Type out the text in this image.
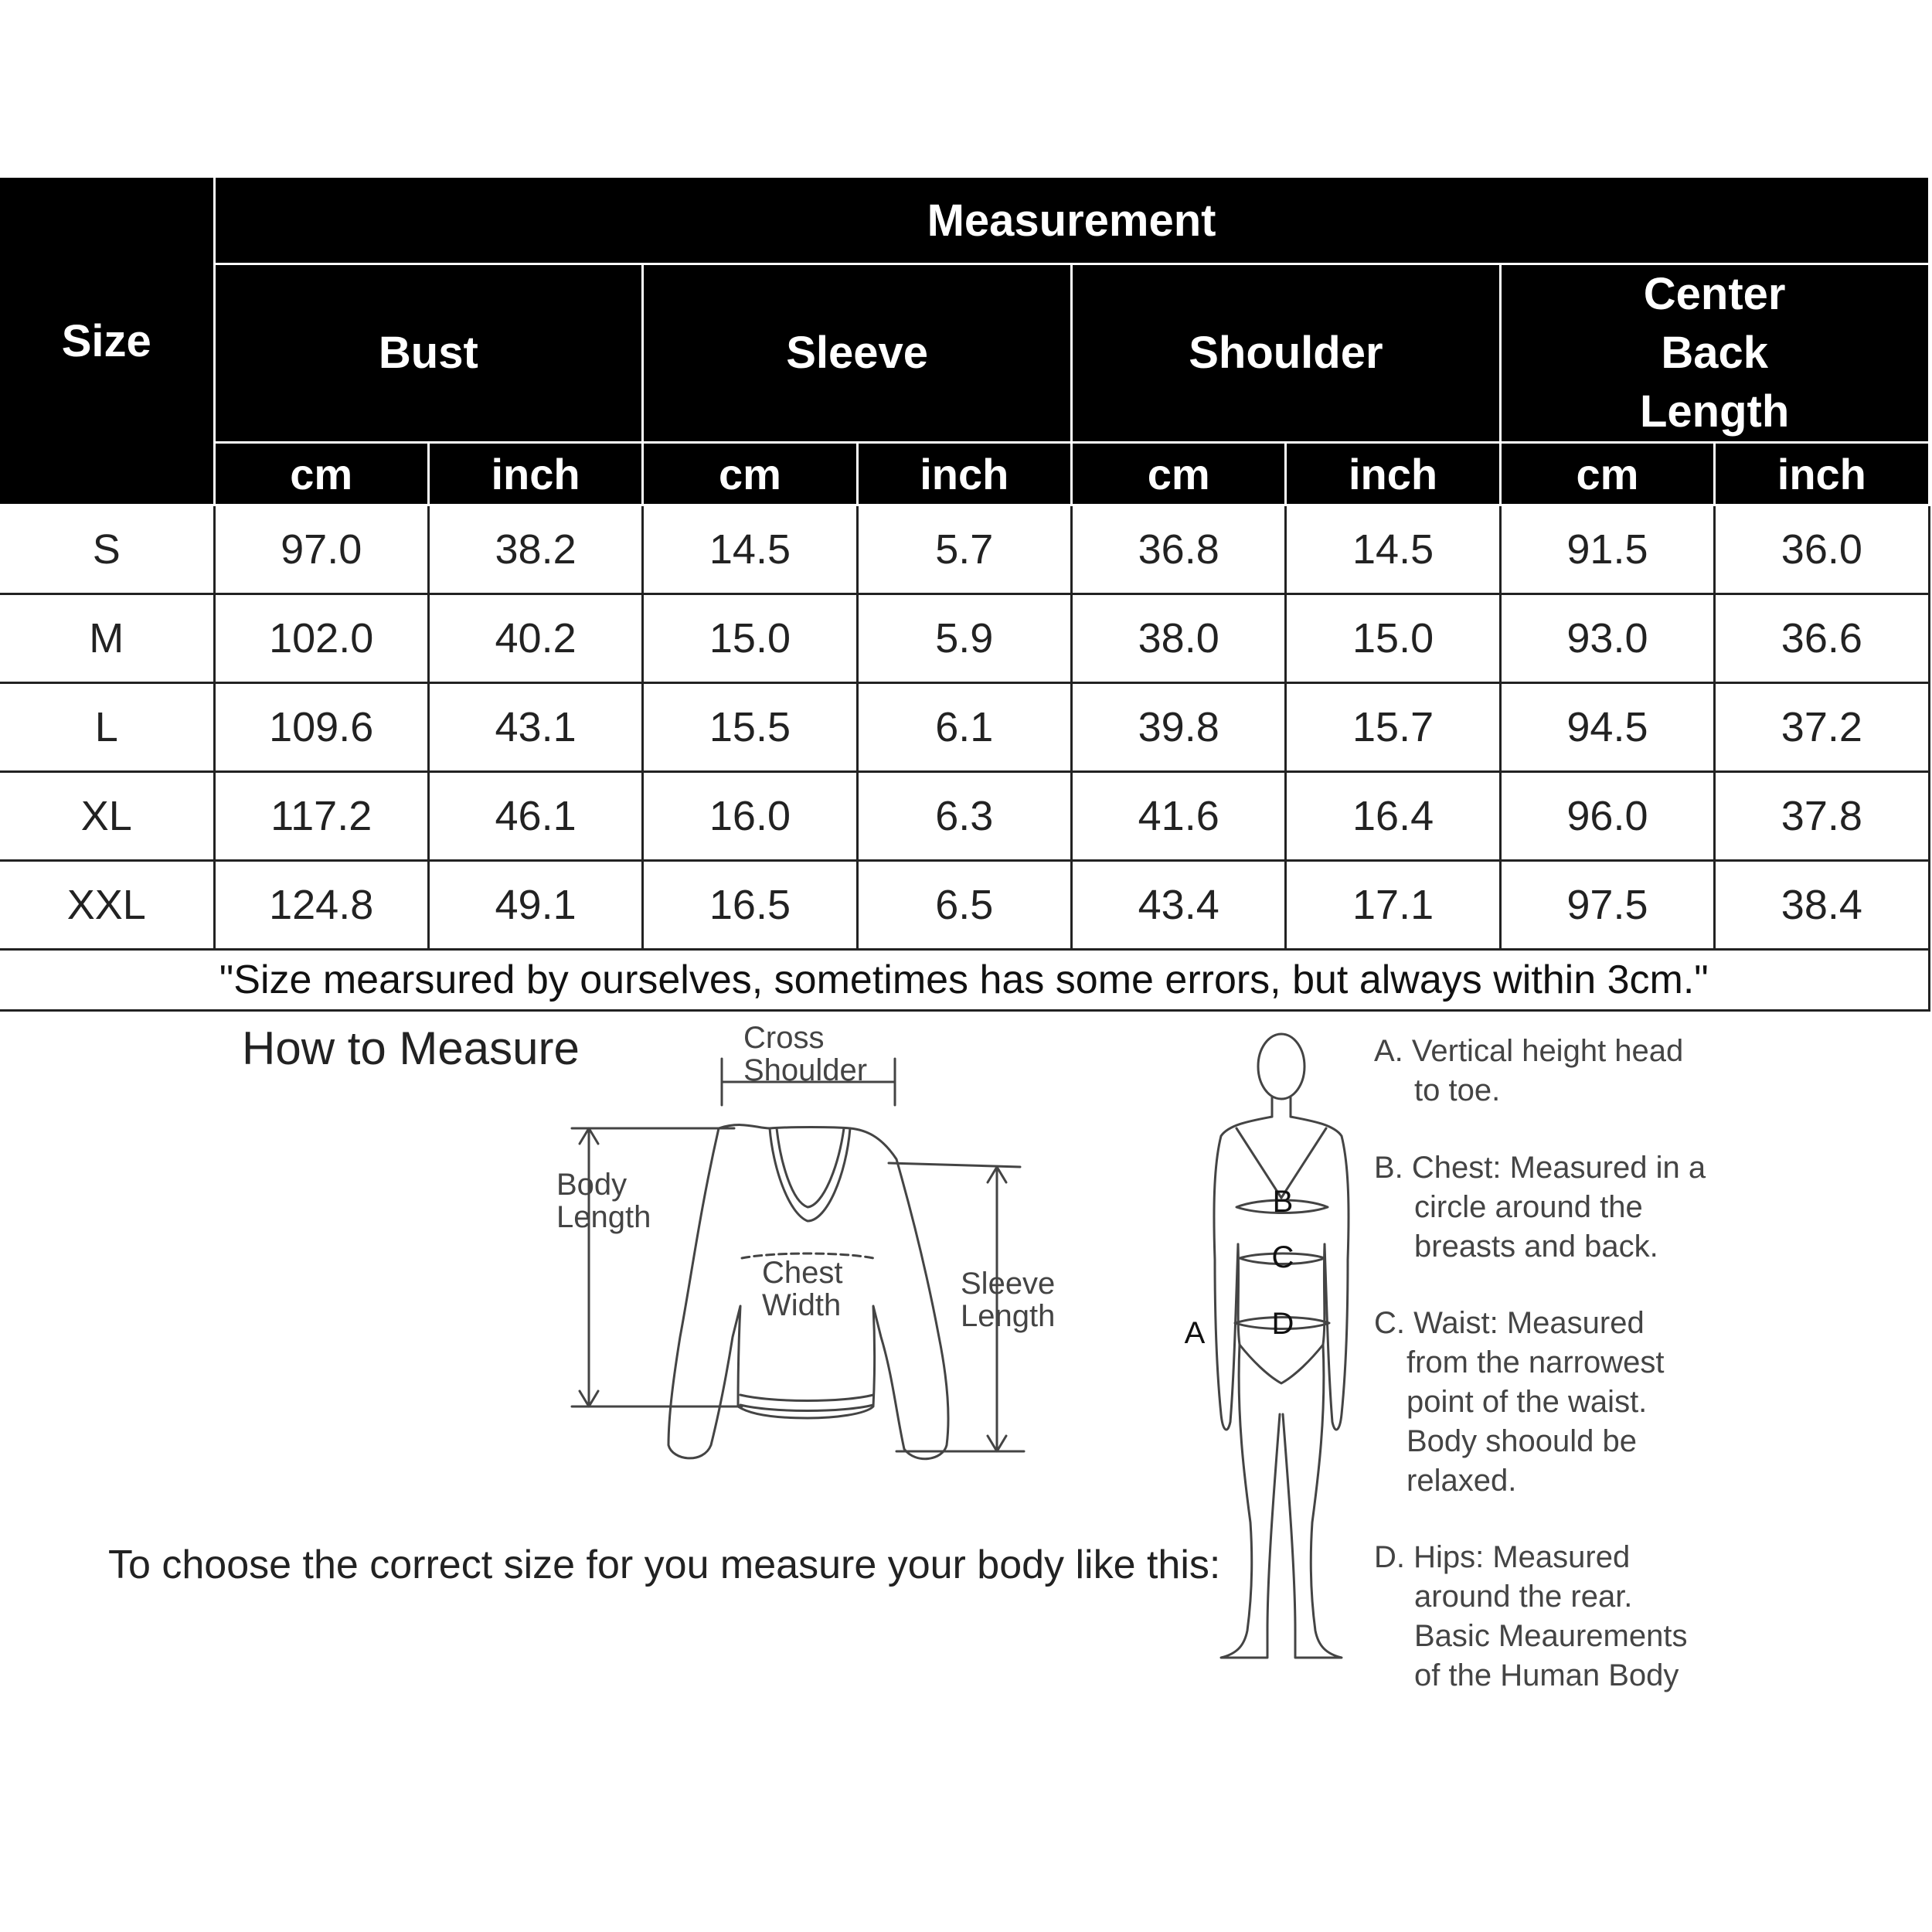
Size	Measurement							
	Bust		Sleeve		Shoulder		Center Back Length	
	cm	inch	cm	inch	cm	inch	cm	inch
S	97.0	38.2	14.5	5.7	36.8	14.5	91.5	36.0
M	102.0	40.2	15.0	5.9	38.0	15.0	93.0	36.6
L	109.6	43.1	15.5	6.1	39.8	15.7	94.5	37.2
XL	117.2	46.1	16.0	6.3	41.6	16.4	96.0	37.8
XXL	124.8	49.1	16.5	6.5	43.4	17.1	97.5	38.4
"Size mearsured by ourselves, sometimes has some errors, but always within 3cm."								
How to Measure
To choose the correct size for you measure your body like this:
Cross
Shoulder
Body
Length
Chest
Width
Sleeve
Length
B
C
D
A
A. Vertical height head
to toe.
B. Chest: Measured in a
circle around the
breasts and back.
C. Waist: Measured
from the narrowest
point of the waist.
Body shoould be
relaxed.
D. Hips: Measured
around the rear.
Basic Meaurements
of the Human Body
